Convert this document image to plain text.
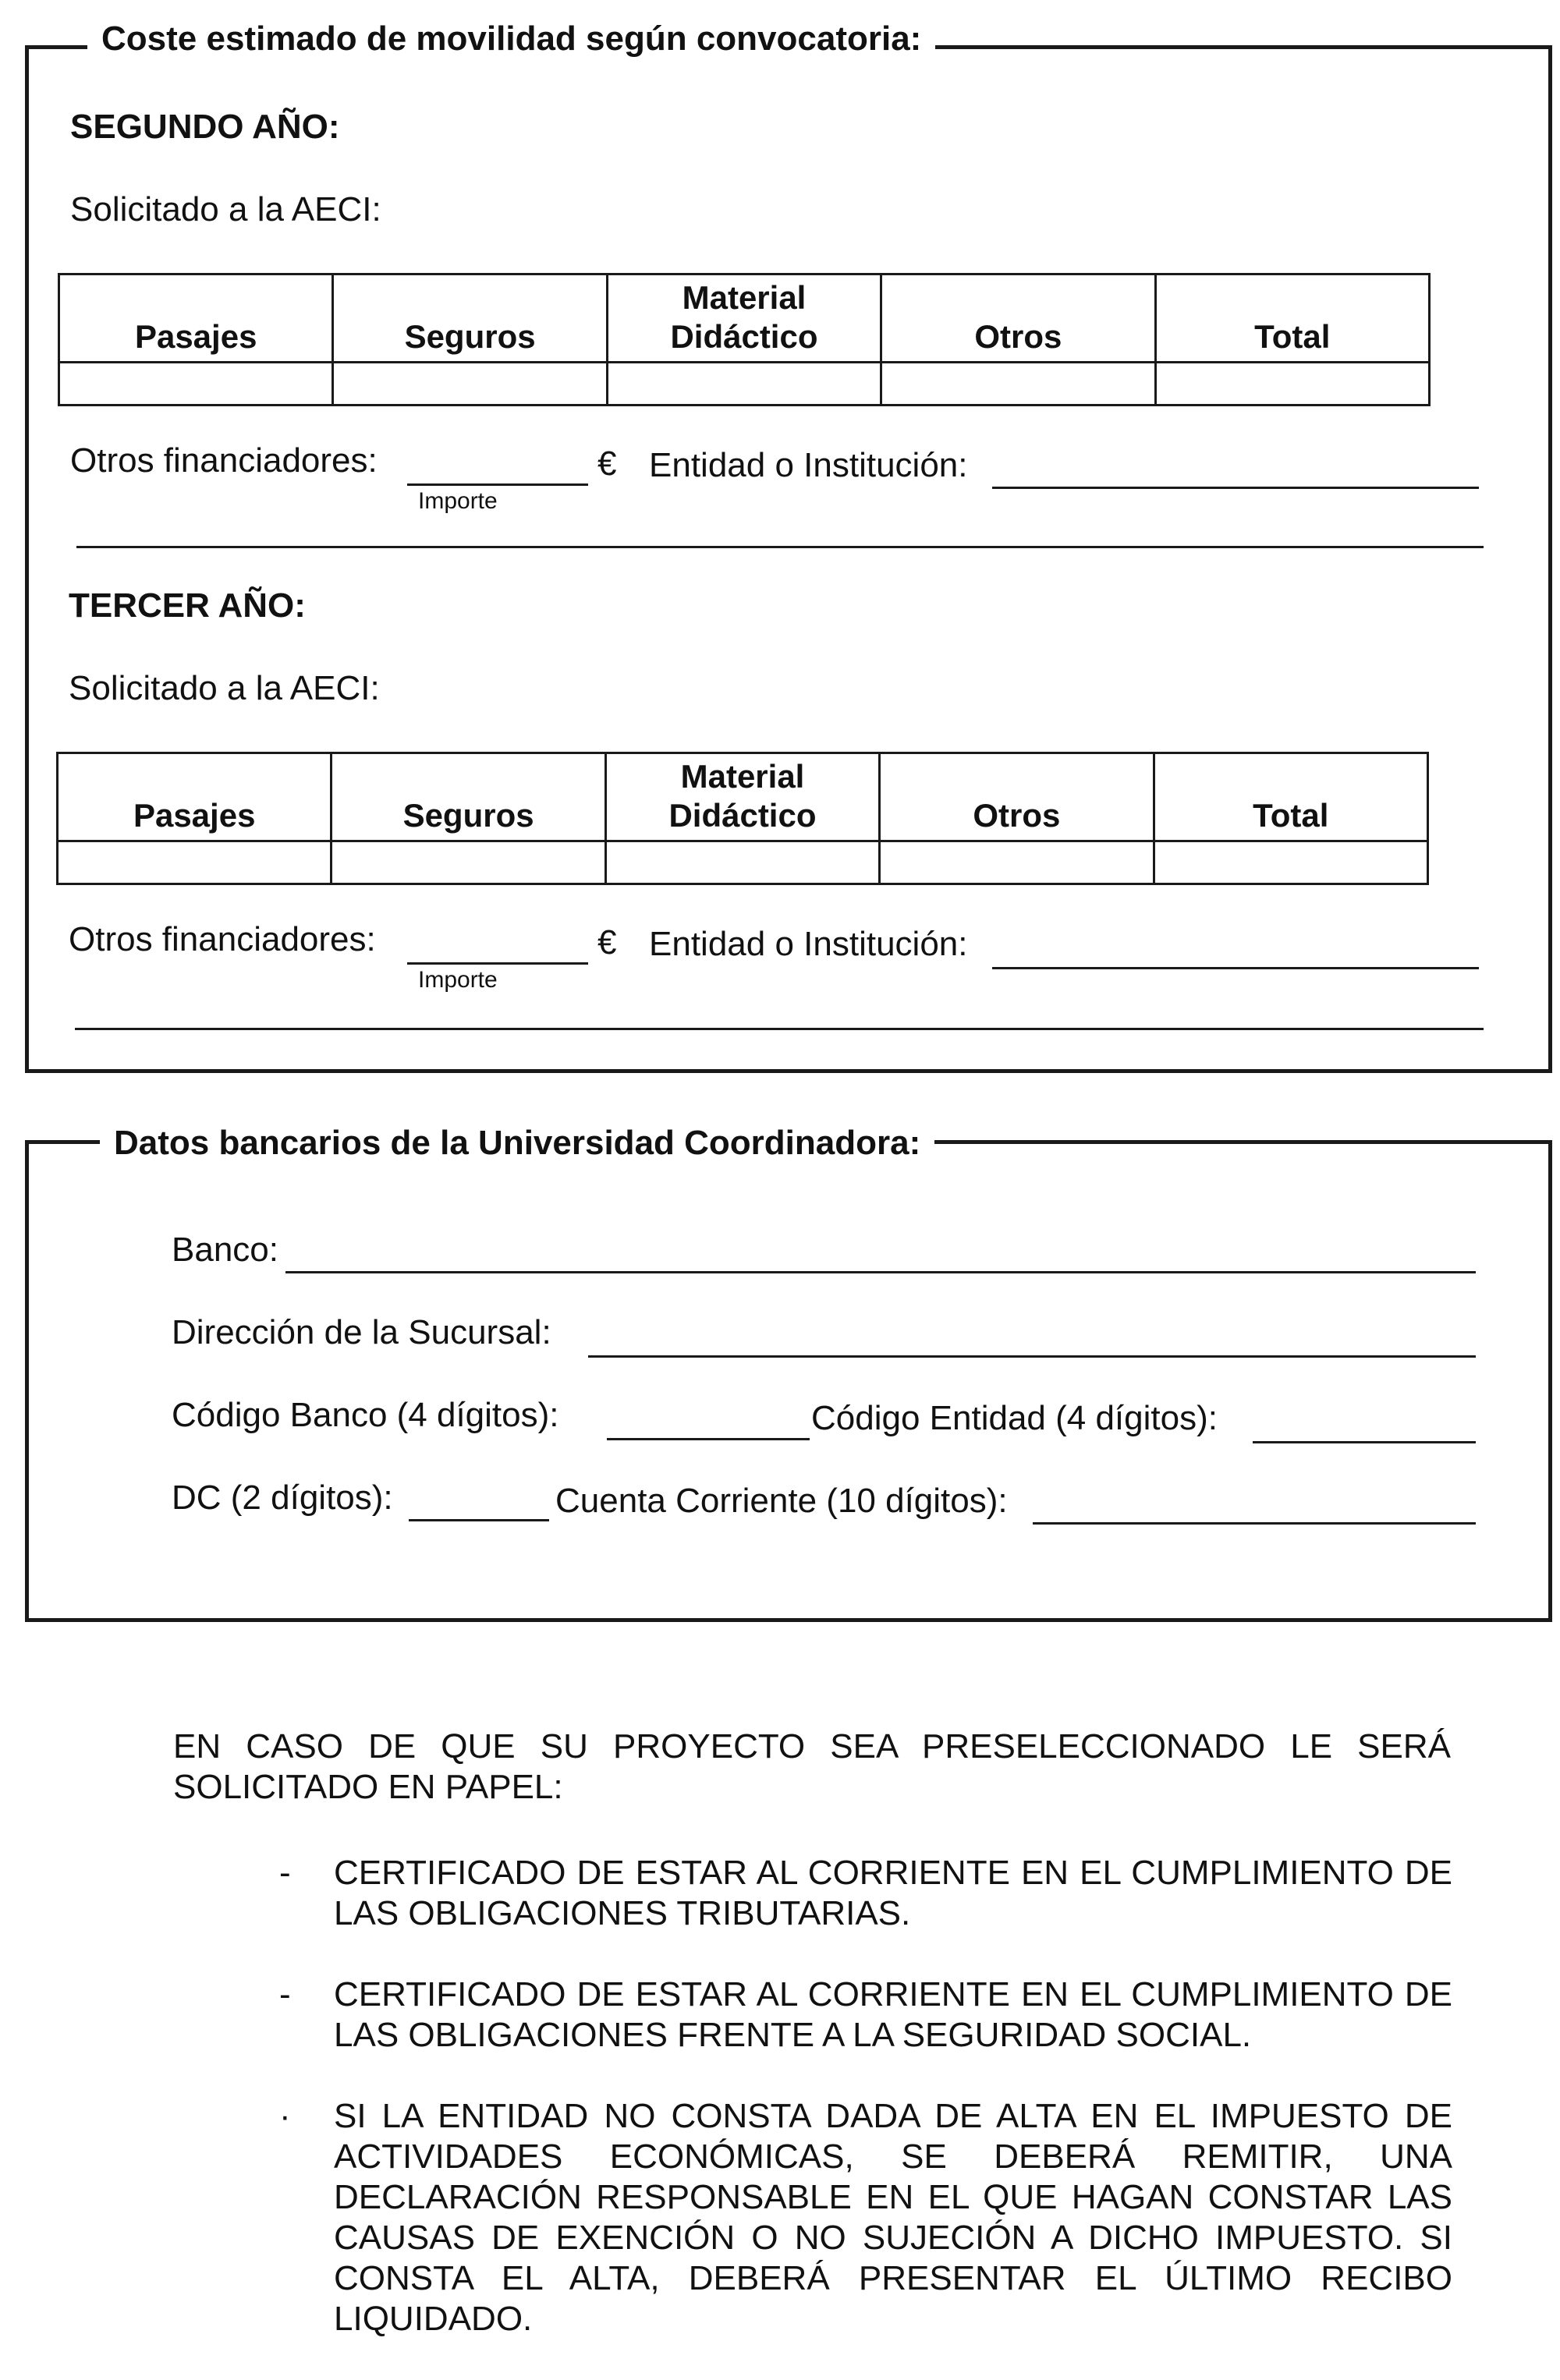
Coste estimado de movilidad según convocatoria:
SEGUNDO AÑO:
Solicitado a la AECI:
Pasajes	Seguros	Material Didáctico	Otros	Total

Otros financiadores:
Importe
€ Entidad o Institución:
TERCER AÑO:
Solicitado a la AECI:
Pasajes	Seguros	Material Didáctico	Otros	Total

Otros financiadores:
Importe
€ Entidad o Institución:
Datos bancarios de la Universidad Coordinadora:
Banco:
Dirección de la Sucursal:
Código Banco (4 dígitos):	Código Entidad (4 dígitos):
DC (2 dígitos):	Cuenta Corriente (10 dígitos):
EN CASO DE QUE SU PROYECTO SEA PRESELECCIONADO LE SERÁ SOLICITADO EN PAPEL:
- CERTIFICADO DE ESTAR AL CORRIENTE EN EL CUMPLIMIENTO DE LAS OBLIGACIONES TRIBUTARIAS.
- CERTIFICADO DE ESTAR AL CORRIENTE EN EL CUMPLIMIENTO DE LAS OBLIGACIONES FRENTE A LA SEGURIDAD SOCIAL.
· SI LA ENTIDAD NO CONSTA DADA DE ALTA EN EL IMPUESTO DE ACTIVIDADES ECONÓMICAS, SE DEBERÁ REMITIR, UNA DECLARACIÓN RESPONSABLE EN EL QUE HAGAN CONSTAR LAS CAUSAS DE EXENCIÓN O NO SUJECIÓN A DICHO IMPUESTO. SI CONSTA EL ALTA, DEBERÁ PRESENTAR EL ÚLTIMO RECIBO LIQUIDADO.
